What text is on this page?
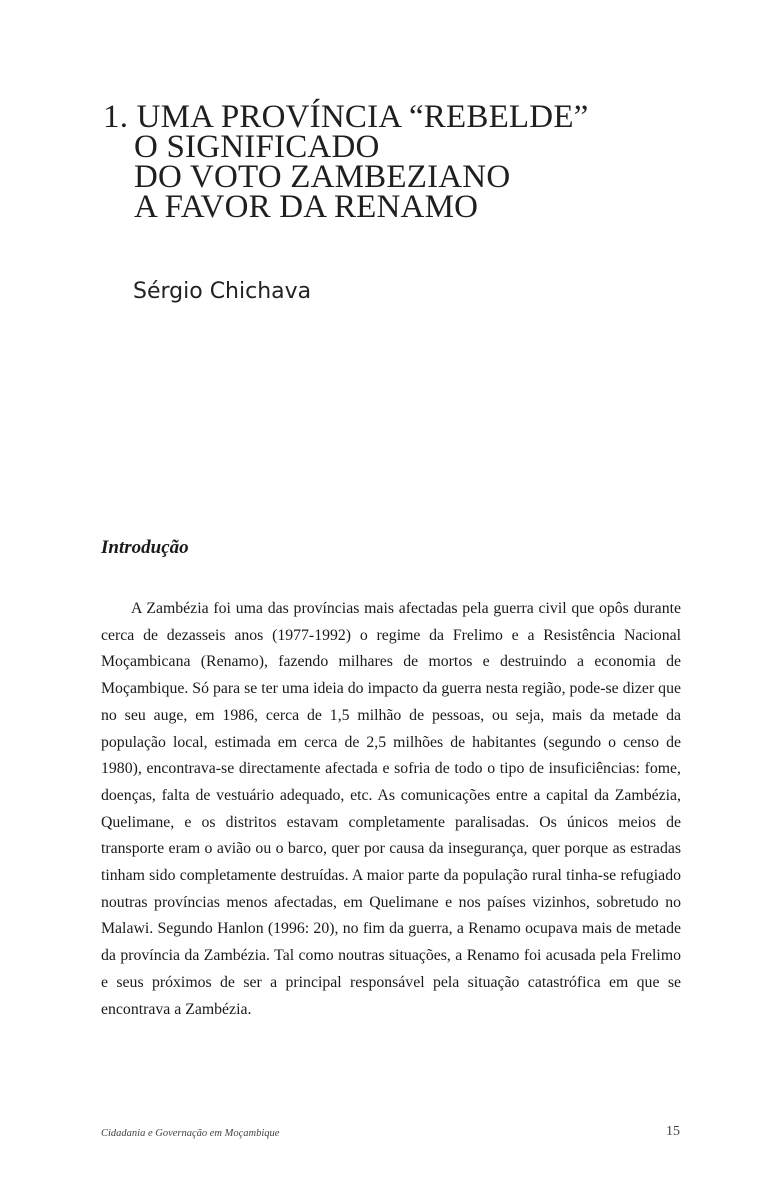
1. UMA PROVÍNCIA “REBELDE”
O SIGNIFICADO
DO VOTO ZAMBEZIANO
A FAVOR DA RENAMO

Sérgio Chichava

Introdução

A Zambézia foi uma das províncias mais afectadas pela guerra civil que opôs durante cerca de dezasseis anos (1977-1992) o regime da Frelimo e a Resistência Nacional Moçambicana (Renamo), fazendo milhares de mortos e destruindo a economia de Moçambique. Só para se ter uma ideia do impacto da guerra nesta região, pode-se dizer que no seu auge, em 1986, cerca de 1,5 milhão de pessoas, ou seja, mais da metade da população local, estimada em cerca de 2,5 milhões de habitantes (segundo o censo de 1980), encontrava-se directamente afectada e sofria de todo o tipo de insuficiências: fome, doenças, falta de vestuário adequado, etc. As comunicações entre a capital da Zambézia, Quelimane, e os distritos estavam completamente paralisadas. Os únicos meios de transporte eram o avião ou o barco, quer por causa da insegurança, quer porque as estradas tinham sido completamente destruídas. A maior parte da população rural tinha-se refugiado noutras províncias menos afectadas, em Quelimane e nos países vizinhos, sobretudo no Malawi. Segundo Hanlon (1996: 20), no fim da guerra, a Renamo ocupava mais de metade da província da Zambézia. Tal como noutras situações, a Renamo foi acusada pela Frelimo e seus próximos de ser a principal responsável pela situação catastrófica em que se encontrava a Zambézia.

Cidadania e Governação em Moçambique	15
